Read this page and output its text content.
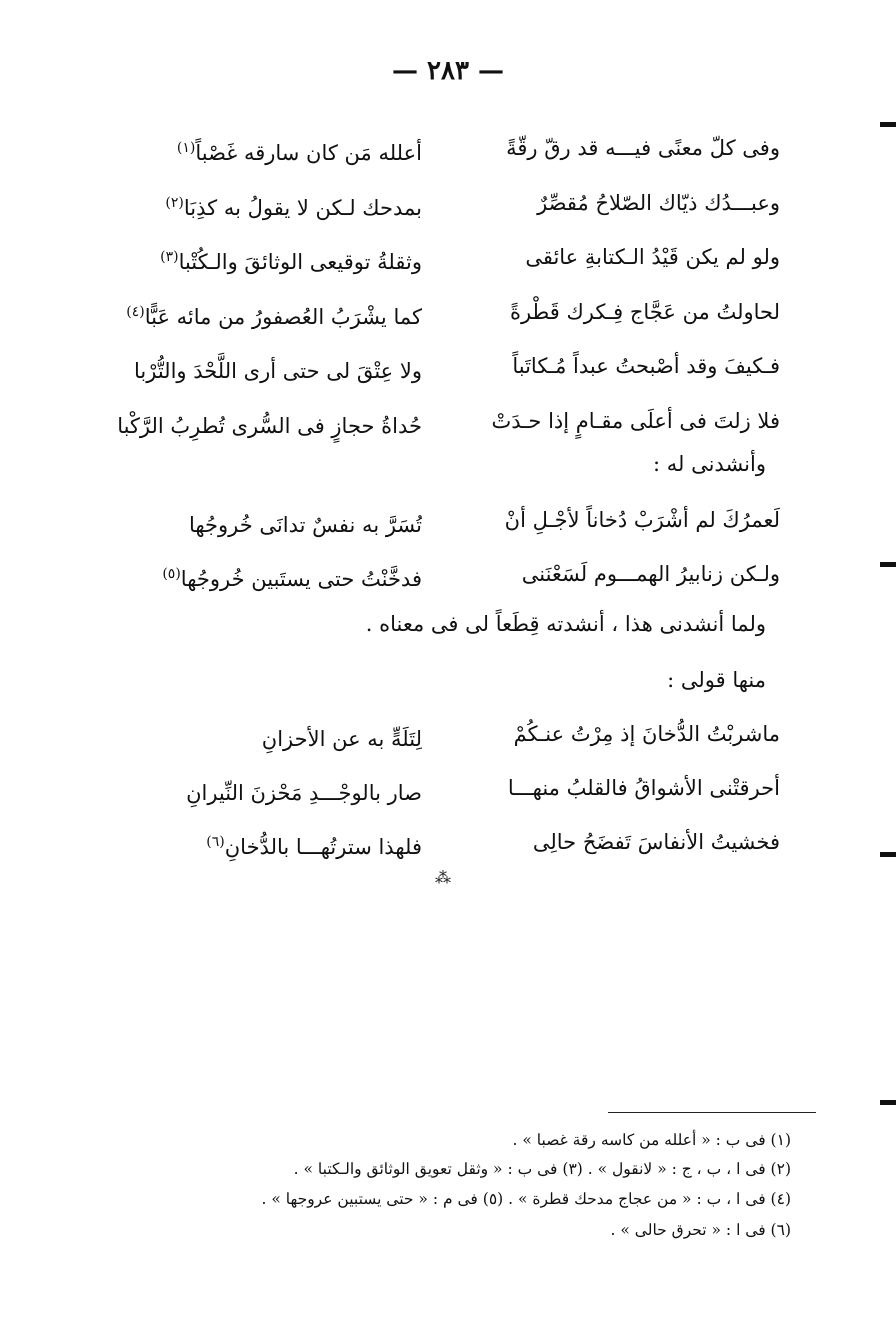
— ٢٨٣ —
وفى كلّ معنًى فيـــه قد رقّ رقّةً
أعلله مَن كان سارقه غَصْباً$^{(١)}$
وعبـــدُك ذيّاك الصّلاحُ مُقصِّرٌ
بمدحك لـكن لا يقولُ به كذِبَا$^{(٢)}$
ولو لم يكن قَيْدُ الـكتابةِ عائقى
وثقلةُ توقيعى الوثائقَ والـكُتْبا$^{(٣)}$
لحاولتُ من عَجَّاج فِـكرك قَطْرةً
كما يشْرَبُ العُصفورُ من مائه عَبًّا$^{(٤)}$
فـكيفَ وقد أصْبحتُ عبداً مُـكاتَباً
ولا عِتْقَ لى حتى أرى اللَّحْدَ والتُّرْبا
فلا زلتَ فى أعلَى مقـامٍ إذا حـدَتْ
حُداةُ حجازٍ فى السُّرى تُطرِبُ الرَّكْبا
وأنشدنى له :
لَعمرُكَ لم أشْرَبْ دُخاناً لأجْـلِ أنْ
تُسَرَّ به نفسٌ تدانَى خُروجُها
ولـكن زنابيرُ الهمـــوم لَسَعْنَنى
فدخَّنْتُ حتى يستَبين خُروجُها$^{(٥)}$
ولما أنشدنى هذا ، أنشدته قِطَعاً لى فى معناه .
منها قولى :
ماشربْتُ الدُّخانَ إذ مِرْتُ عنـكُمْ
لِتَلَهٍّ به عن الأحزانِ
أحرقتْنى الأشواقُ فالقلبُ منهـــا
صار بالوجْـــدِ مَحْزنَ النِّيرانِ
فخشيتُ الأنفاسَ تَفضَحُ حالِى
فلهذا سترتُهـــا بالدُّخانِ$^{(٦)}$
⁂
(١) فى ب : « أعلله من كاسه رقة غصبا » .
(٢) فى ا ، ب ، ج : « لانقول » . (٣) فى ب : « وثقل تعويق الوثائق والـكتبا » .
(٤) فى ا ، ب : « من عجاج مدحك قطرة » . (٥) فى م : « حتى يستبين عروجها » .
(٦) فى ا : « تحرق حالى » .
